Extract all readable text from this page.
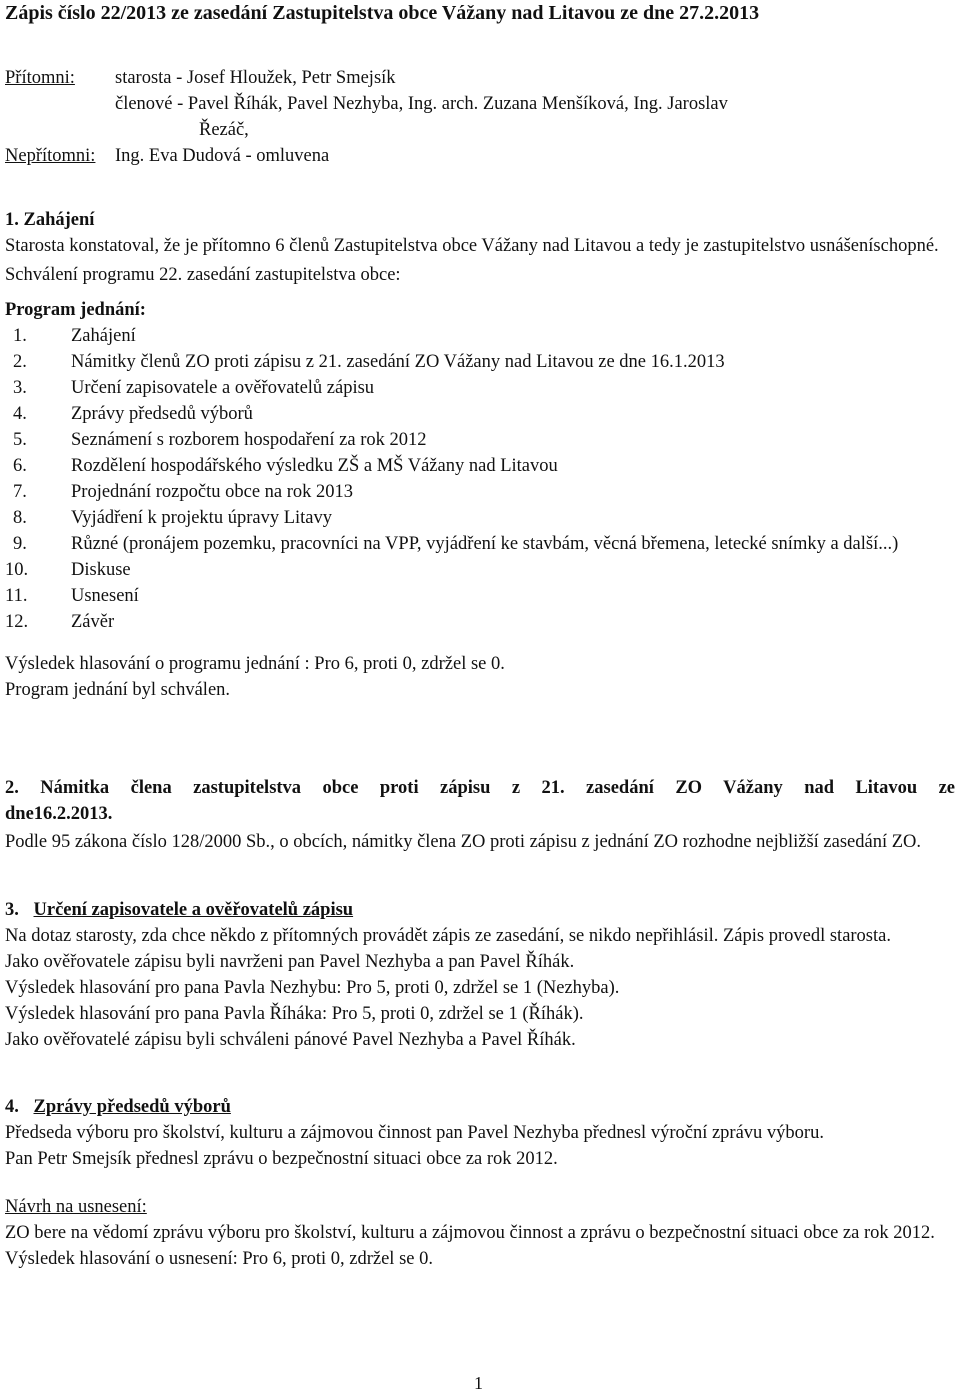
Zápis číslo 22/2013 ze zasedání Zastupitelstva obce Vážany nad Litavou ze dne 27.2.2013
Přítomni:	starosta - Josef Hloužek, Petr Smejsík
členové - Pavel Říhák, Pavel Nezhyba, Ing. arch. Zuzana Menšíková, Ing. Jaroslav
Řezáč,
Nepřítomni:	Ing. Eva Dudová - omluvena

1. Zahájení

Starosta konstatoval, že je přítomno 6 členů Zastupitelstva obce Vážany nad Litavou a tedy je zastupitelstvo usnášeníschopné.

Schválení programu 22. zasedání zastupitelstva obce:

Program jednání:

1.	Zahájení
2.	Námitky členů ZO proti zápisu z 21. zasedání ZO Vážany nad Litavou ze dne 16.1.2013
3.	Určení zapisovatele a ověřovatelů zápisu
4.	Zprávy předsedů výborů
5.	Seznámení s rozborem hospodaření za rok 2012
6.	Rozdělení hospodářského výsledku ZŠ a MŠ Vážany nad Litavou
7.	Projednání rozpočtu obce na rok 2013
8.	Vyjádření k projektu úpravy Litavy
9.	Různé (pronájem pozemku, pracovníci na VPP, vyjádření ke stavbám, věcná břemena, letecké snímky a další...)
10.	Diskuse
11.	Usnesení
12.	Závěr

Výsledek hlasování o programu jednání : Pro 6, proti 0, zdržel se 0.

Program jednání byl schválen.

2. Námitka člena zastupitelstva obce proti zápisu z 21. zasedání ZO Vážany nad Litavou ze

dne16.2.2013.

Podle 95 zákona číslo 128/2000 Sb., o obcích, námitky člena ZO proti zápisu z jednání ZO rozhodne nejbližší zasedání ZO.

3. Určení zapisovatele a ověřovatelů zápisu

Na dotaz starosty, zda chce někdo z přítomných provádět zápis ze zasedání, se nikdo nepřihlásil. Zápis provedl starosta.

Jako ověřovatele zápisu byli navrženi pan Pavel Nezhyba a pan Pavel Říhák.

Výsledek hlasování pro pana Pavla Nezhybu: Pro 5, proti 0, zdržel se 1 (Nezhyba).

Výsledek hlasování pro pana Pavla Říháka: Pro 5, proti 0, zdržel se 1 (Říhák).

Jako ověřovatelé zápisu byli schváleni pánové Pavel Nezhyba a Pavel Říhák.

4. Zprávy předsedů výborů

Předseda výboru pro školství, kulturu a zájmovou činnost pan Pavel Nezhyba přednesl výroční zprávu výboru.

Pan Petr Smejsík přednesl zprávu o bezpečnostní situaci obce za rok 2012.

Návrh na usnesení:

ZO bere na vědomí zprávu výboru pro školství, kulturu a zájmovou činnost a zprávu o bezpečnostní situaci obce za rok 2012.

Výsledek hlasování o usnesení: Pro 6, proti 0, zdržel se 0.

1
